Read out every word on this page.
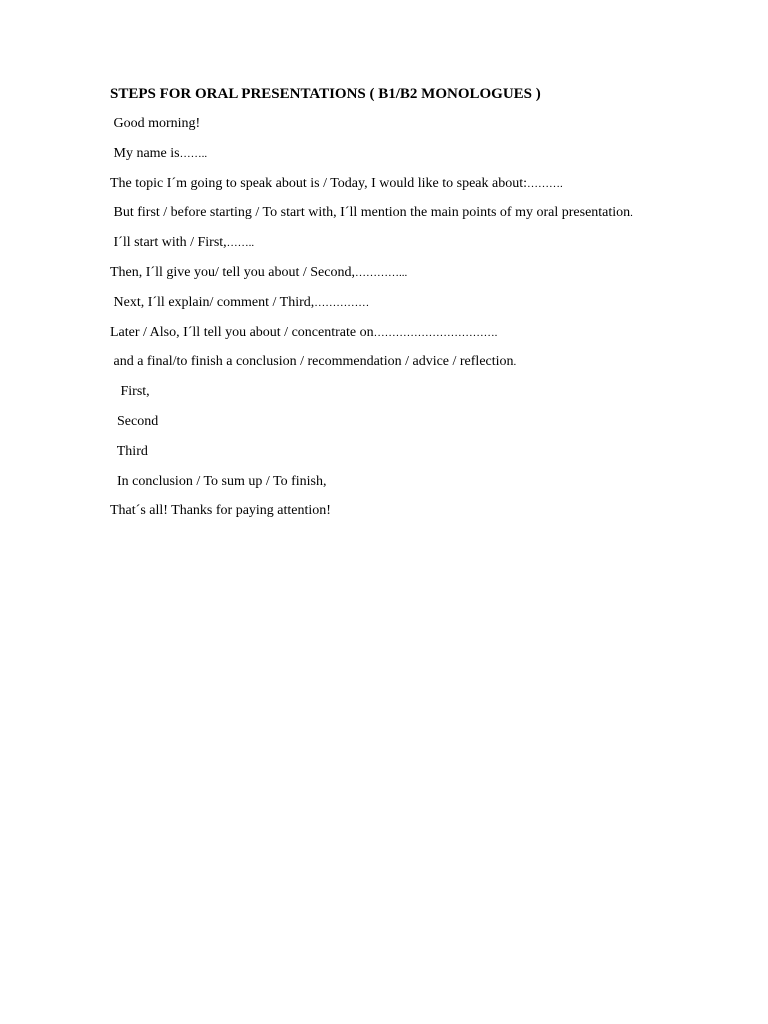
STEPS FOR ORAL PRESENTATIONS ( B1/B2 MONOLOGUES )
Good morning!
My name is……..
The topic I´m going to speak about is / Today, I would like to speak about:……….
But first / before starting / To start with, I´ll mention the main points of my oral presentation.
I´ll start with / First,……..
Then, I´ll give you/ tell you about / Second,…………...
Next, I´ll explain/ comment / Third,……………
Later / Also, I´ll tell you about / concentrate on…………………………….
and a final/to finish a conclusion / recommendation / advice / reflection.
First,
Second
Third
In conclusion / To sum up / To finish,
That´s all! Thanks for paying attention!
